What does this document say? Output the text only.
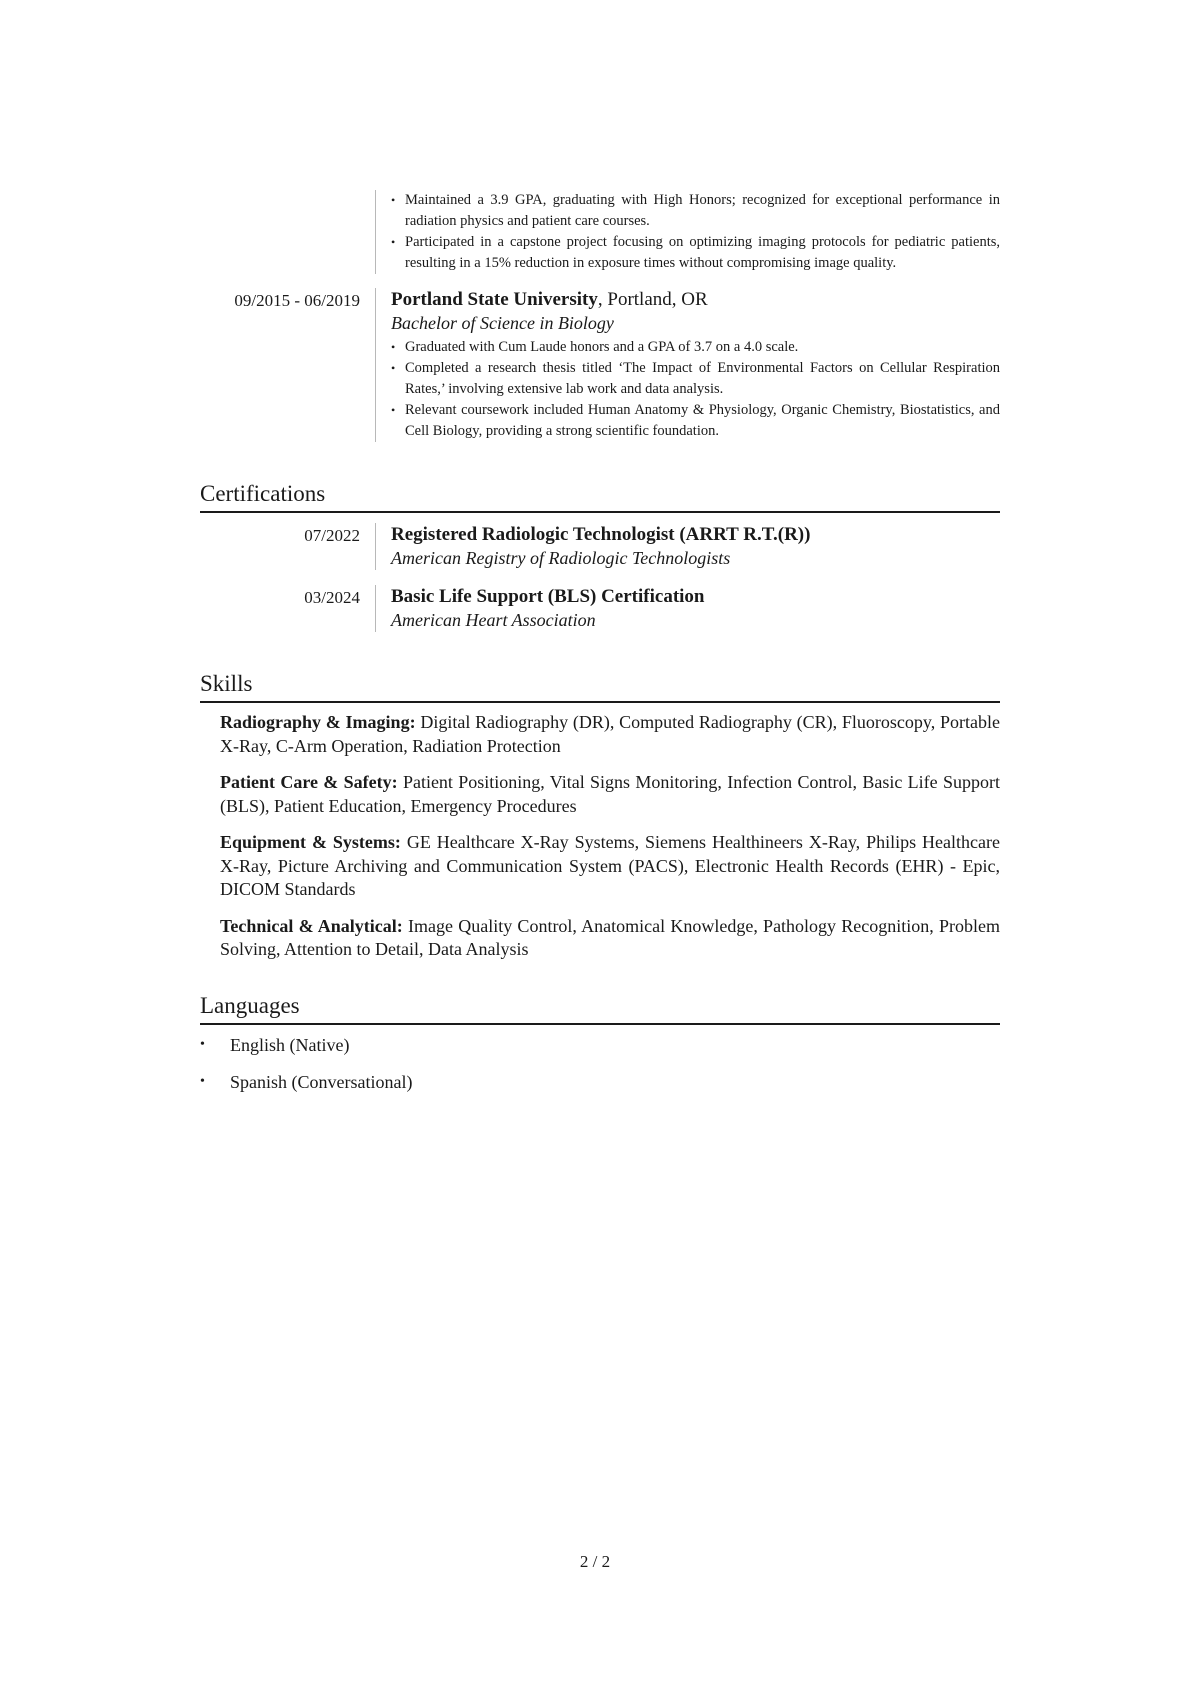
• Maintained a 3.9 GPA, graduating with High Honors; recognized for exceptional performance in radiation physics and patient care courses.
• Participated in a capstone project focusing on optimizing imaging protocols for pediatric patients, resulting in a 15% reduction in exposure times without compromising image quality.
09/2015 - 06/2019	Portland State University, Portland, OR
Bachelor of Science in Biology
• Graduated with Cum Laude honors and a GPA of 3.7 on a 4.0 scale.
• Completed a research thesis titled ‘The Impact of Environmental Factors on Cellular Respiration Rates,’ involving extensive lab work and data analysis.
• Relevant coursework included Human Anatomy & Physiology, Organic Chemistry, Biostatistics, and Cell Biology, providing a strong scientific foundation.
Certifications
07/2022	Registered Radiologic Technologist (ARRT R.T.(R))
American Registry of Radiologic Technologists
03/2024	Basic Life Support (BLS) Certification
American Heart Association
Skills
Radiography & Imaging: Digital Radiography (DR), Computed Radiography (CR), Fluoroscopy, Portable X-Ray, C-Arm Operation, Radiation Protection
Patient Care & Safety: Patient Positioning, Vital Signs Monitoring, Infection Control, Basic Life Support (BLS), Patient Education, Emergency Procedures
Equipment & Systems: GE Healthcare X-Ray Systems, Siemens Healthineers X-Ray, Philips Healthcare X-Ray, Picture Archiving and Communication System (PACS), Electronic Health Records (EHR) - Epic, DICOM Standards
Technical & Analytical: Image Quality Control, Anatomical Knowledge, Pathology Recognition, Problem Solving, Attention to Detail, Data Analysis
Languages
• English (Native)
• Spanish (Conversational)
2 / 2
